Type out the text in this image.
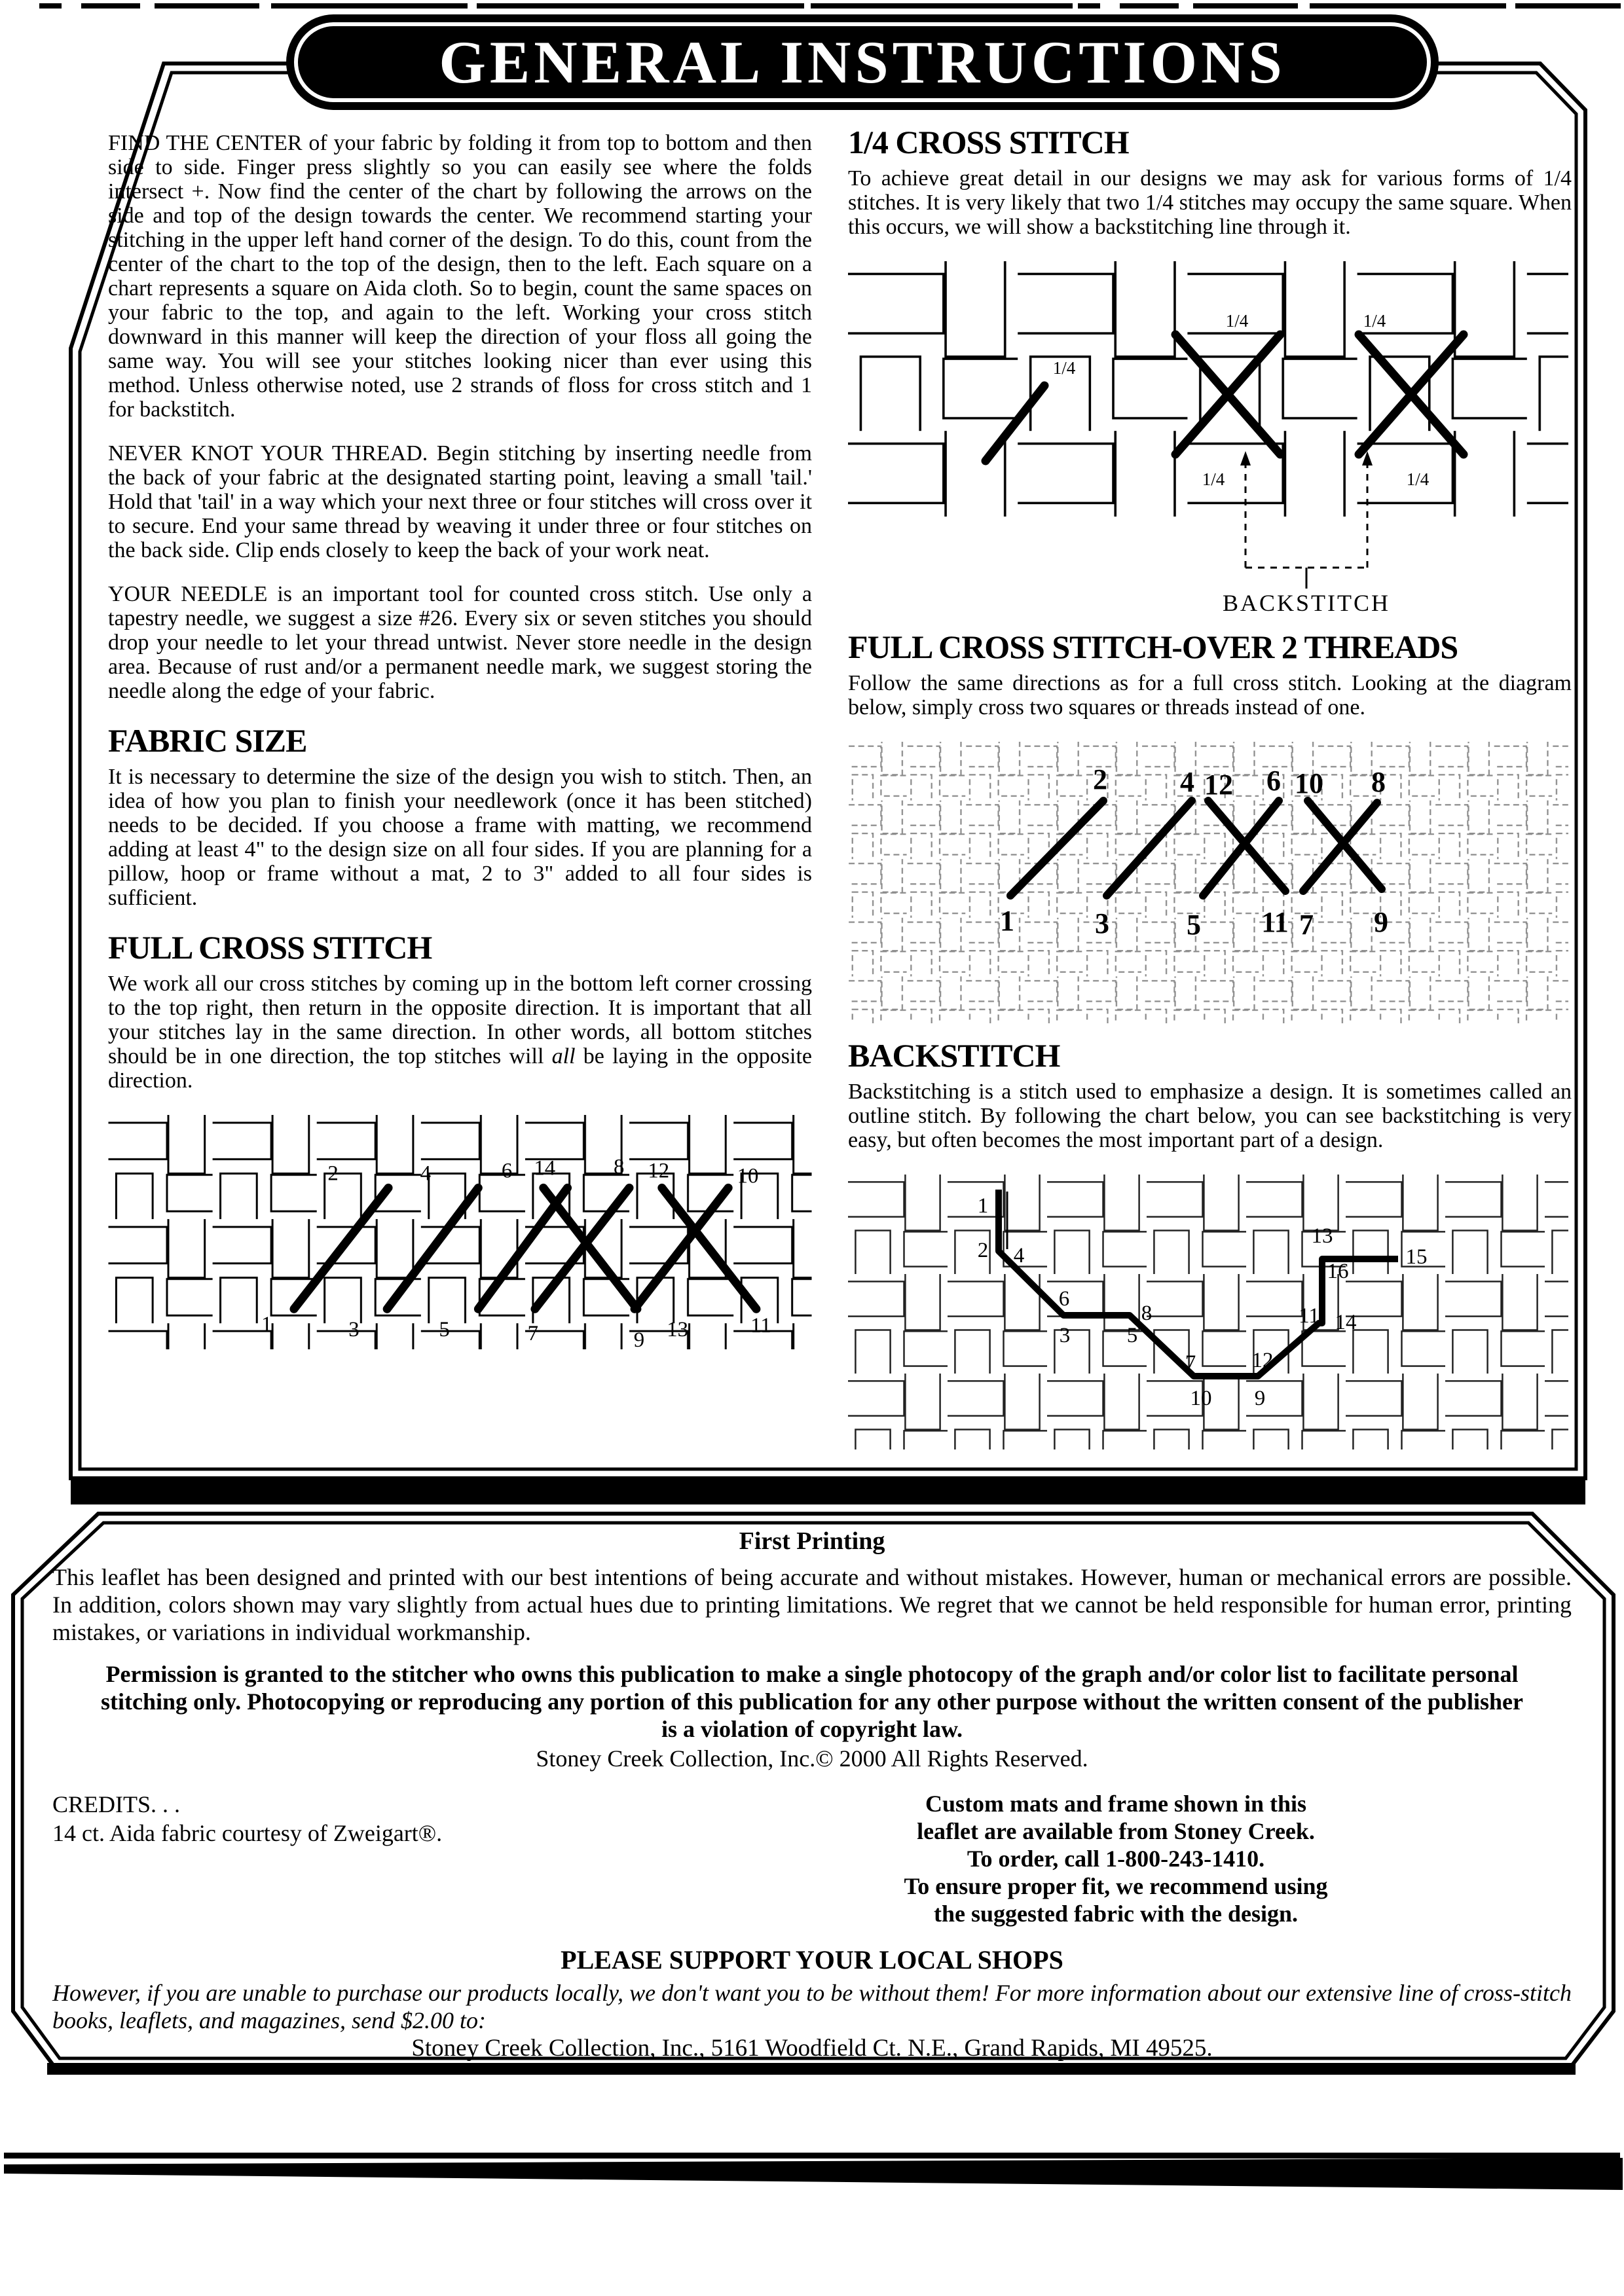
GENERAL INSTRUCTIONS

FIND THE CENTER of your fabric by folding it from top to bottom and then side to side. Finger press slightly so you can easily see where the folds intersect +. Now find the center of the chart by following the arrows on the side and top of the design towards the center. We recommend starting your stitching in the upper left hand corner of the design. To do this, count from the center of the chart to the top of the design, then to the left. Each square on a chart represents a square on Aida cloth. So to begin, count the same spaces on your fabric to the top, and again to the left. Working your cross stitch downward in this manner will keep the direction of your floss all going the same way. You will see your stitches looking nicer than ever using this method. Unless otherwise noted, use 2 strands of floss for cross stitch and 1 for backstitch.

NEVER KNOT YOUR THREAD. Begin stitching by inserting needle from the back of your fabric at the designated starting point, leaving a small 'tail.' Hold that 'tail' in a way which your next three or four stitches will cross over it to secure. End your same thread by weaving it under three or four stitches on the back side. Clip ends closely to keep the back of your work neat.

YOUR NEEDLE is an important tool for counted cross stitch. Use only a tapestry needle, we suggest a size #26. Every six or seven stitches you should drop your needle to let your thread untwist. Never store needle in the design area. Because of rust and/or a permanent needle mark, we suggest storing the needle along the edge of your fabric.

FABRIC SIZE

It is necessary to determine the size of the design you wish to stitch. Then, an idea of how you plan to finish your needlework (once it has been stitched) needs to be decided. If you choose a frame with matting, we recommend adding at least 4" to the design size on all four sides. If you are planning for a pillow, hoop or frame without a mat, 2 to 3" added to all four sides is sufficient.

FULL CROSS STITCH

We work all our cross stitches by coming up in the bottom left corner crossing to the top right, then return in the opposite direction. It is important that all your stitches lay in the same direction. In other words, all bottom stitches should be in one direction, the top stitches will all be laying in the opposite direction.

2	4	6 14	8 12	10
1	3	5	7	9 13	11
1/4 CROSS STITCH

To achieve great detail in our designs we may ask for various forms of 1/4 stitches. It is very likely that two 1/4 stitches may occupy the same square. When this occurs, we will show a backstitching line through it.

1/4
1/4
1/4
1/4
1/4
BACKSTITCH
FULL CROSS STITCH-OVER 2 THREADS

Follow the same directions as for a full cross stitch. Looking at the diagram below, simply cross two squares or threads instead of one.

2	4 12 6 10 8
1	3	5 11 7 9
BACKSTITCH

Backstitching is a stitch used to emphasize a design. It is sometimes called an outline stitch. By following the chart below, you can see backstitching is very easy, but often becomes the most important part of a design.

1
2 4
6
3	5
8
7
10 9
12
11 14
16
13
15
First Printing

This leaflet has been designed and printed with our best intentions of being accurate and without mistakes. However, human or mechanical errors are possible. In addition, colors shown may vary slightly from actual hues due to printing limitations. We regret that we cannot be held responsible for human error, printing mistakes, or variations in individual workmanship.

Permission is granted to the stitcher who owns this publication to make a single photocopy of the graph and/or color list to facilitate personal stitching only. Photocopying or reproducing any portion of this publication for any other purpose without the written consent of the publisher is a violation of copyright law.

Stoney Creek Collection, Inc.© 2000 All Rights Reserved.
CREDITS. . .
14 ct. Aida fabric courtesy of Zweigart®.
Custom mats and frame shown in this
leaflet are available from Stoney Creek.
To order, call 1-800-243-1410.
To ensure proper fit, we recommend using
the suggested fabric with the design.
PLEASE SUPPORT YOUR LOCAL SHOPS

However, if you are unable to purchase our products locally, we don't want you to be without them! For more information about our extensive line of cross-stitch books, leaflets, and magazines, send $2.00 to:

Stoney Creek Collection, Inc., 5161 Woodfield Ct. N.E., Grand Rapids, MI 49525.
